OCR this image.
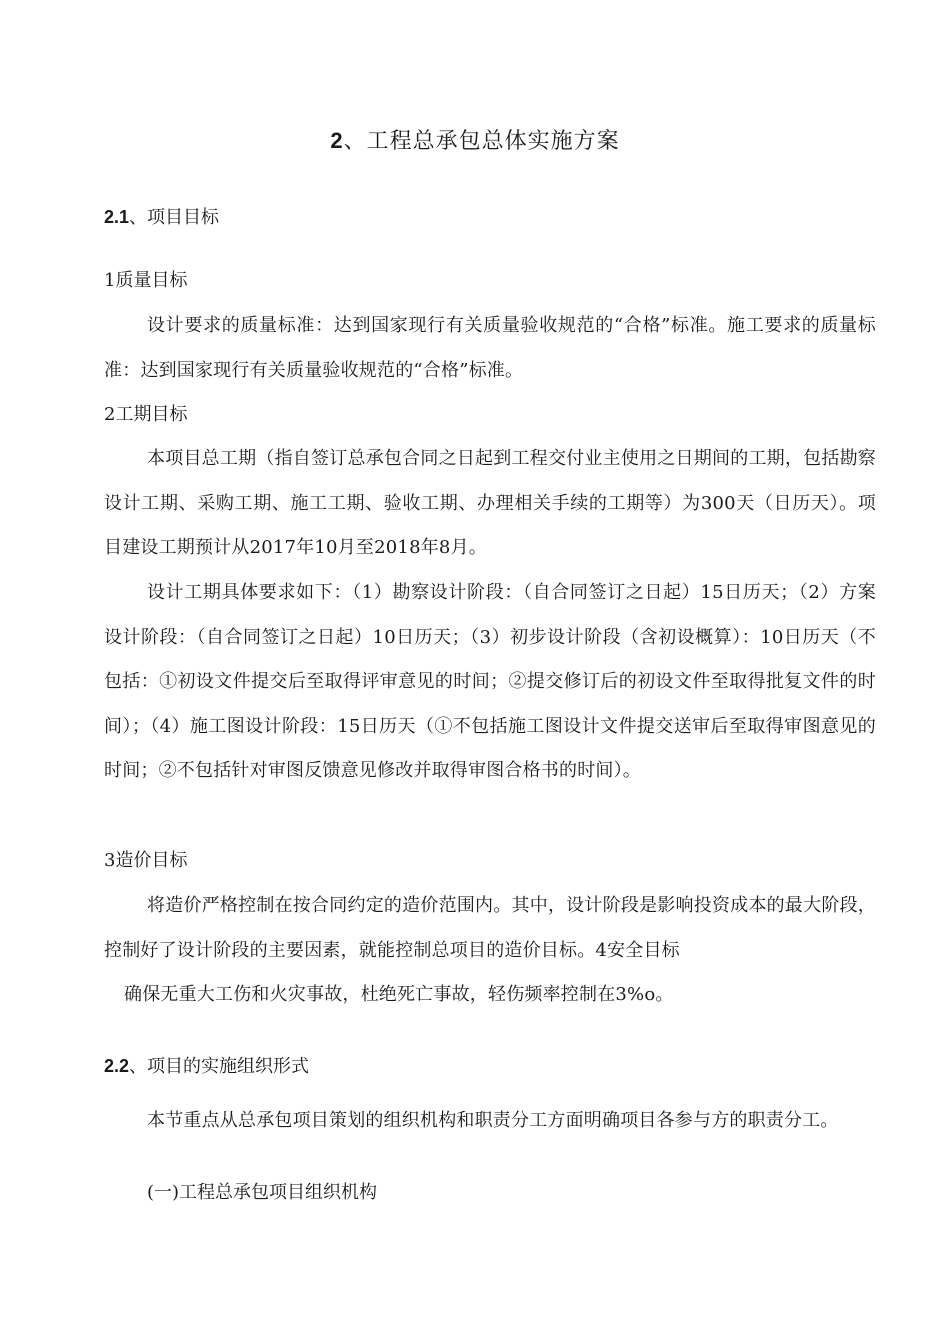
2、工程总承包总体实施方案
2.1、项目目标
1质量目标
设计要求的质量标准：达到国家现行有关质量验收规范的“合格”标准。施工要求的质量标准：达到国家现行有关质量验收规范的“合格”标准。
2工期目标
本项目总工期（指自签订总承包合同之日起到工程交付业主使用之日期间的工期，包括勘察设计工期、采购工期、施工工期、验收工期、办理相关手续的工期等）为300天（日历天）。项目建设工期预计从2017年10月至2018年8月。
设计工期具体要求如下：（1）勘察设计阶段：（自合同签订之日起）15日历天；（2）方案设计阶段：（自合同签订之日起）10日历天；（3）初步设计阶段（含初设概算）：10日历天（不包括：①初设文件提交后至取得评审意见的时间；②提交修订后的初设文件至取得批复文件的时间）；（4）施工图设计阶段：15日历天（①不包括施工图设计文件提交送审后至取得审图意见的时间；②不包括针对审图反馈意见修改并取得审图合格书的时间）。
3造价目标
将造价严格控制在按合同约定的造价范围内。其中，设计阶段是影响投资成本的最大阶段，控制好了设计阶段的主要因素，就能控制总项目的造价目标。4安全目标
确保无重大工伤和火灾事故，杜绝死亡事故，轻伤频率控制在3%o。
2.2、项目的实施组织形式
本节重点从总承包项目策划的组织机构和职责分工方面明确项目各参与方的职责分工。
(一)工程总承包项目组织机构
